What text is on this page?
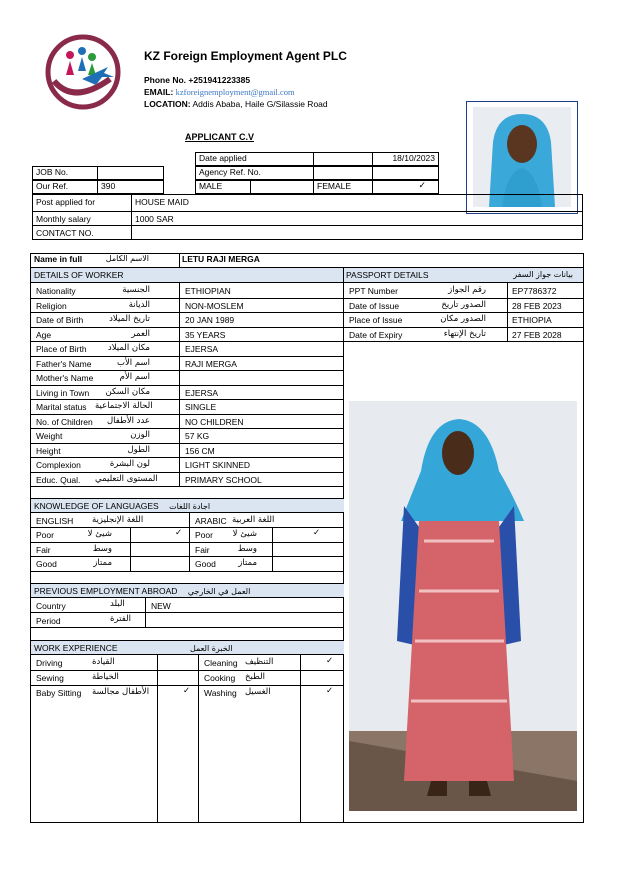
KZ Foreign Employment Agent PLC
Phone No. +251941223385
EMAIL: kzforeignemployment@gmail.com
LOCATION: Addis Ababa, Haile G/Silassie Road
APPLICANT C.V
Date applied	18/10/2023
Agency Ref. No.
JOB No.
Our Ref.	390	MALE	FEMALE	✓
Post applied for	HOUSE MAID
Monthly salary	1000 SAR
CONTACT NO.
Name in full	الاسم الكامل	LETU RAJI MERGA
DETAILS OF WORKER	PASSPORT DETAILS	بيانات جواز السفر
Nationality	الجنسية	ETHIOPIAN
Religion	الديانة	NON-MOSLEM
Date of Birth	تاريخ الميلاد	20 JAN 1989
Age	العمر	35 YEARS
Place of Birth	مكان الميلاد	EJERSA
Father's Name	اسم الأب	RAJI MERGA
Mother's Name	اسم الأم
Living in Town	مكان السكن	EJERSA
Marital status الحالة الاجتماعية	SINGLE
No. of Children	عدد الأطفال	NO CHILDREN
Weight	الوزن	57 KG
Height	الطول	156 CM
Complexion	لون البشرة	LIGHT SKINNED
Educ. Qual. المستوى التعليمي	PRIMARY SCHOOL
PPT Number	رقم الجواز	EP7786372
Date of Issue	الصدور تاريخ	28 FEB 2023
Place of Issue	الصدور مكان	ETHIOPIA
Date of Expiry	تاريخ الإنتهاء	27 FEB 2028
KNOWLEDGE OF LANGUAGES اجادة اللغات
ENGLISH اللغة الإنجليزية	ARABIC اللغة العربية
Poor	شيئ لا	✓ Poor	شيئ لا	✓
Fair	وسط	Fair	وسط
Good	ممتاز	Good	ممتاز
PREVIOUS EMPLOYMENT ABROAD العمل في الخارجي
Country	البلد	NEW
Period	الفترة
WORK EXPERIENCE	الخبرة العمل
Driving	القيادة	Cleaning التنظيف	✓
Sewing	الخياطة	Cooking الطبخ
Baby Sitting الأطفال مجالسة	✓ Washing الغسيل	✓
